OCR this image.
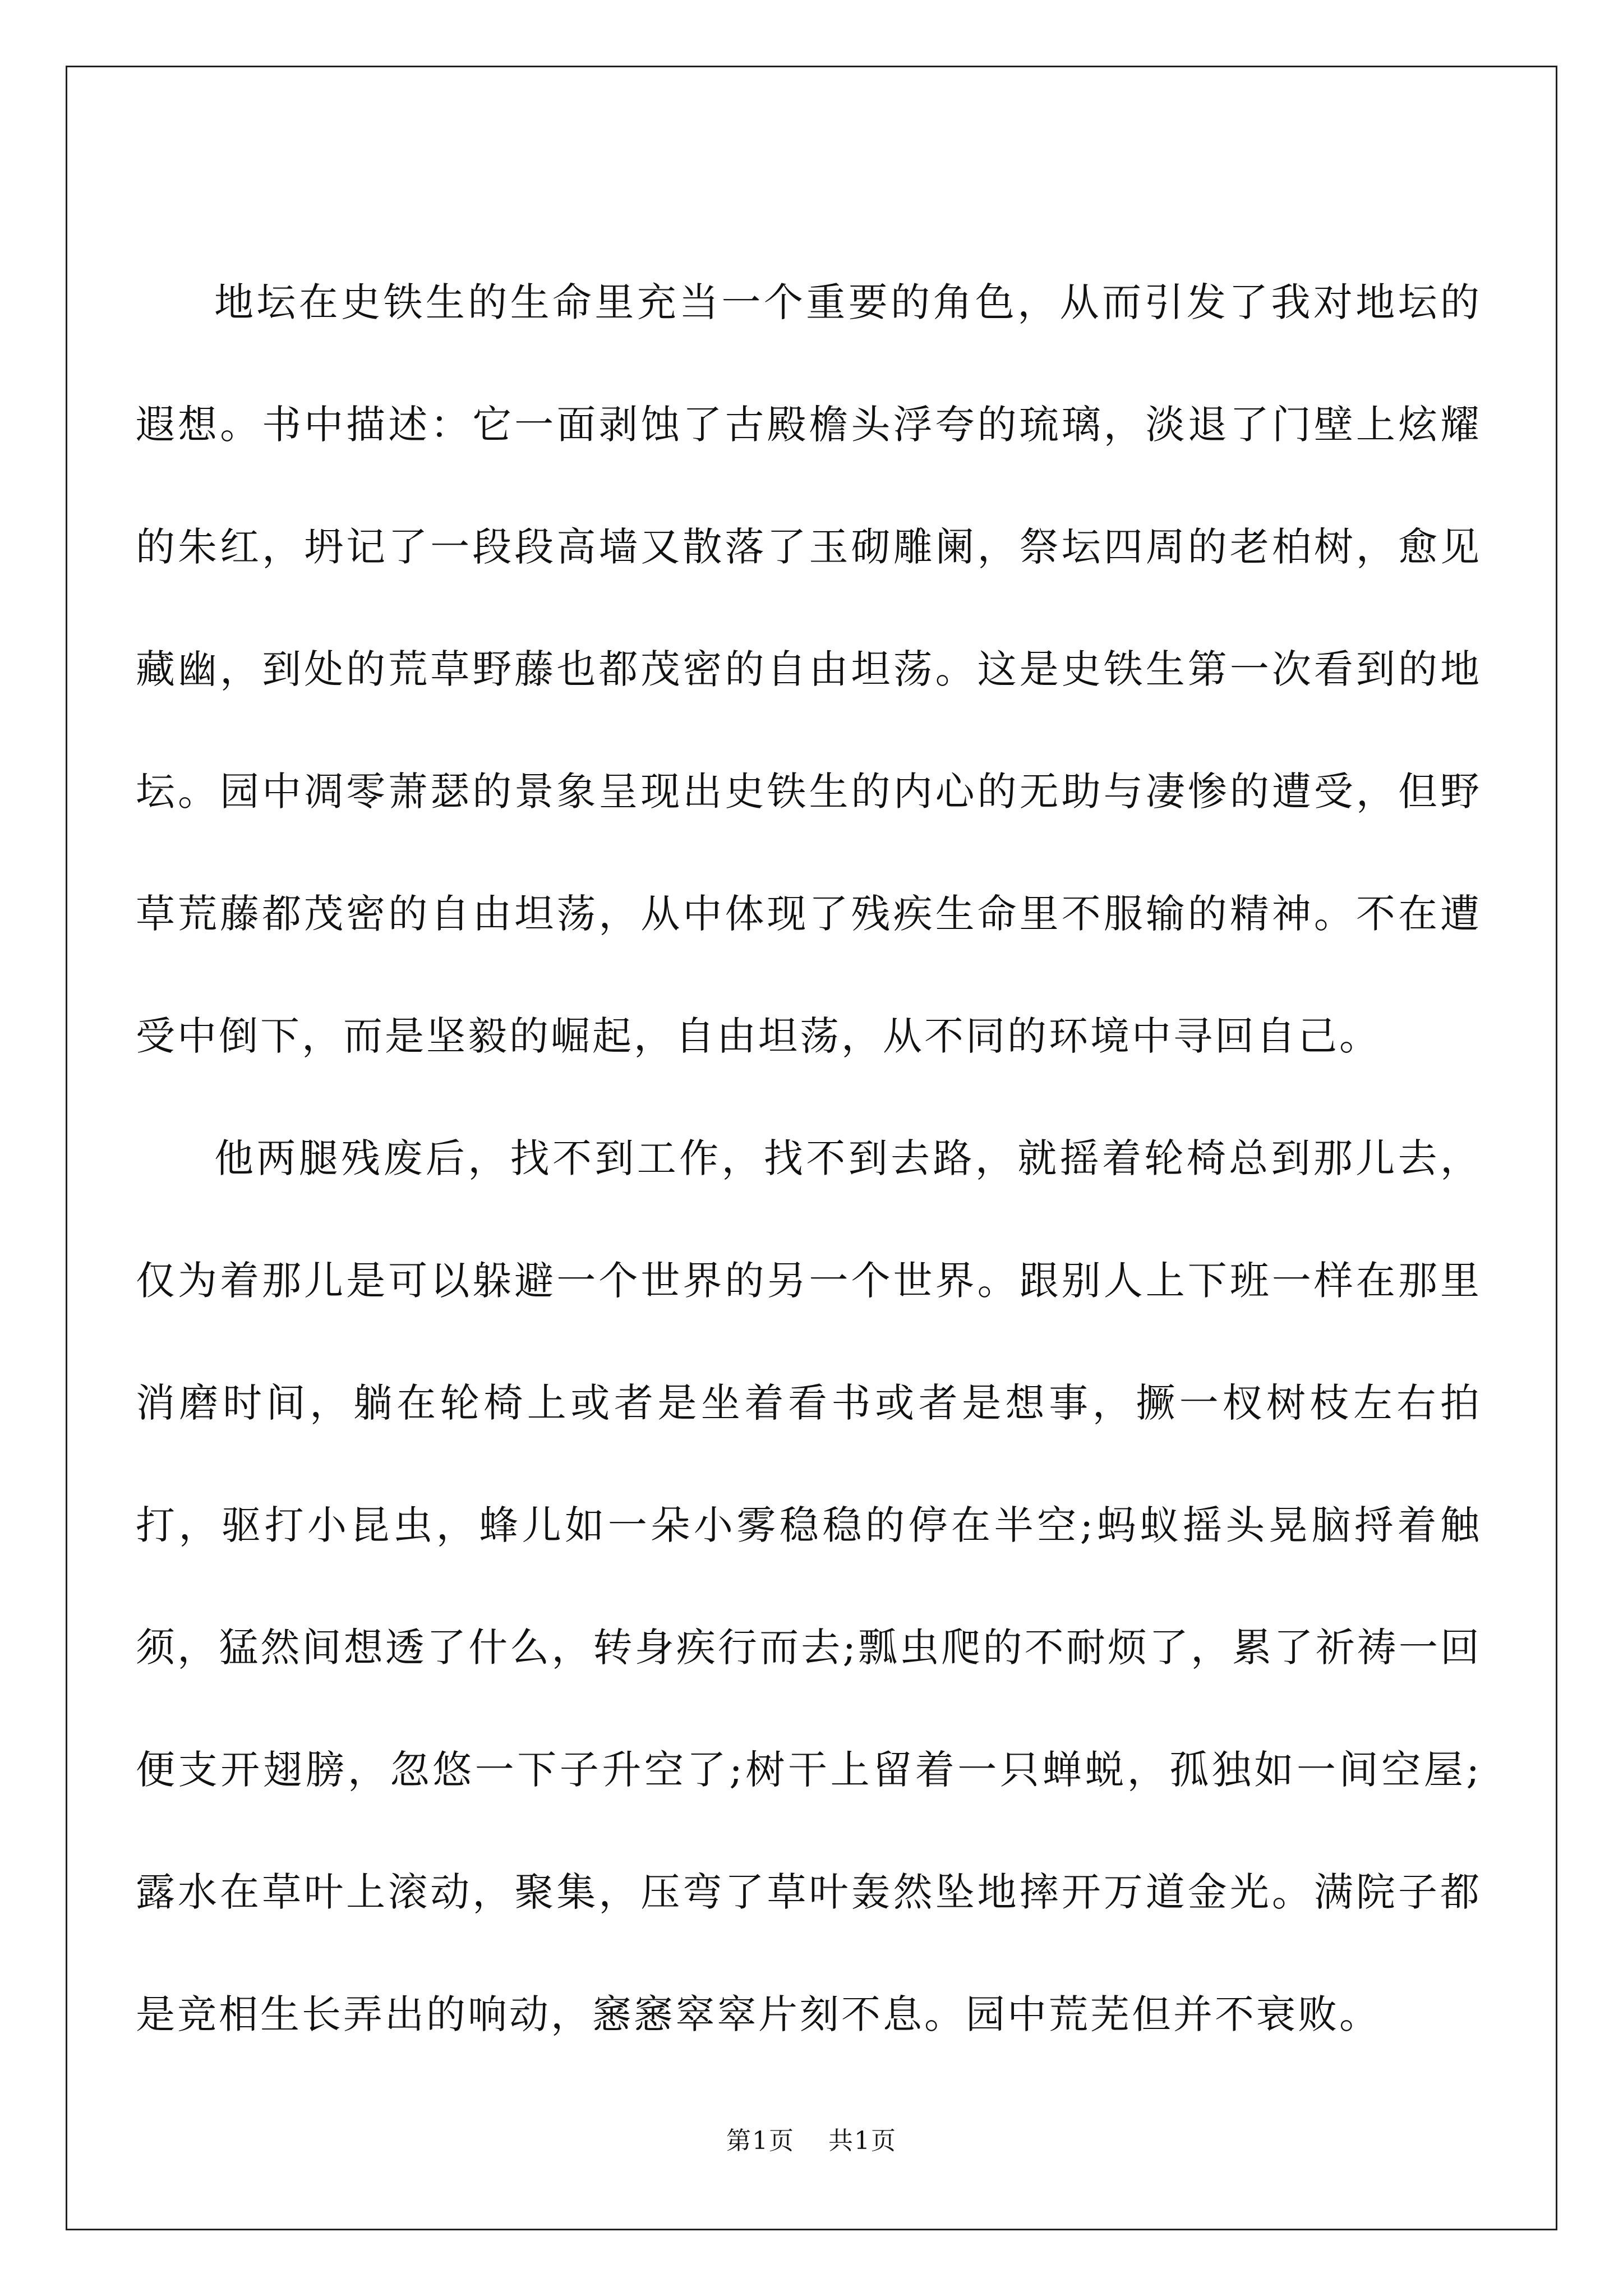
地坛在史铁生的生命里充当一个重要的角色，从而引发了我对地坛的遐想。书中描述：它一面剥蚀了古殿檐头浮夸的琉璃，淡退了门壁上炫耀的朱红，坍记了一段段高墙又散落了玉砌雕阑，祭坛四周的老柏树，愈见藏幽，到处的荒草野藤也都茂密的自由坦荡。这是史铁生第一次看到的地坛。园中凋零萧瑟的景象呈现出史铁生的内心的无助与凄惨的遭受，但野草荒藤都茂密的自由坦荡，从中体现了残疾生命里不服输的精神。不在遭受中倒下，而是坚毅的崛起，自由坦荡，从不同的环境中寻回自己。

他两腿残废后，找不到工作，找不到去路，就摇着轮椅总到那儿去，仅为着那儿是可以躲避一个世界的另一个世界。跟别人上下班一样在那里消磨时间，躺在轮椅上或者是坐着看书或者是想事，撅一杈树枝左右拍打，驱打小昆虫，蜂儿如一朵小雾稳稳的停在半空;蚂蚁摇头晃脑捋着触须，猛然间想透了什么，转身疾行而去;瓢虫爬的不耐烦了，累了祈祷一回便支开翅膀，忽悠一下子升空了;树干上留着一只蝉蜕，孤独如一间空屋;露水在草叶上滚动，聚集，压弯了草叶轰然坠地摔开万道金光。满院子都是竞相生长弄出的响动，窸窸窣窣片刻不息。园中荒芜但并不衰败。

第1页 共1页
